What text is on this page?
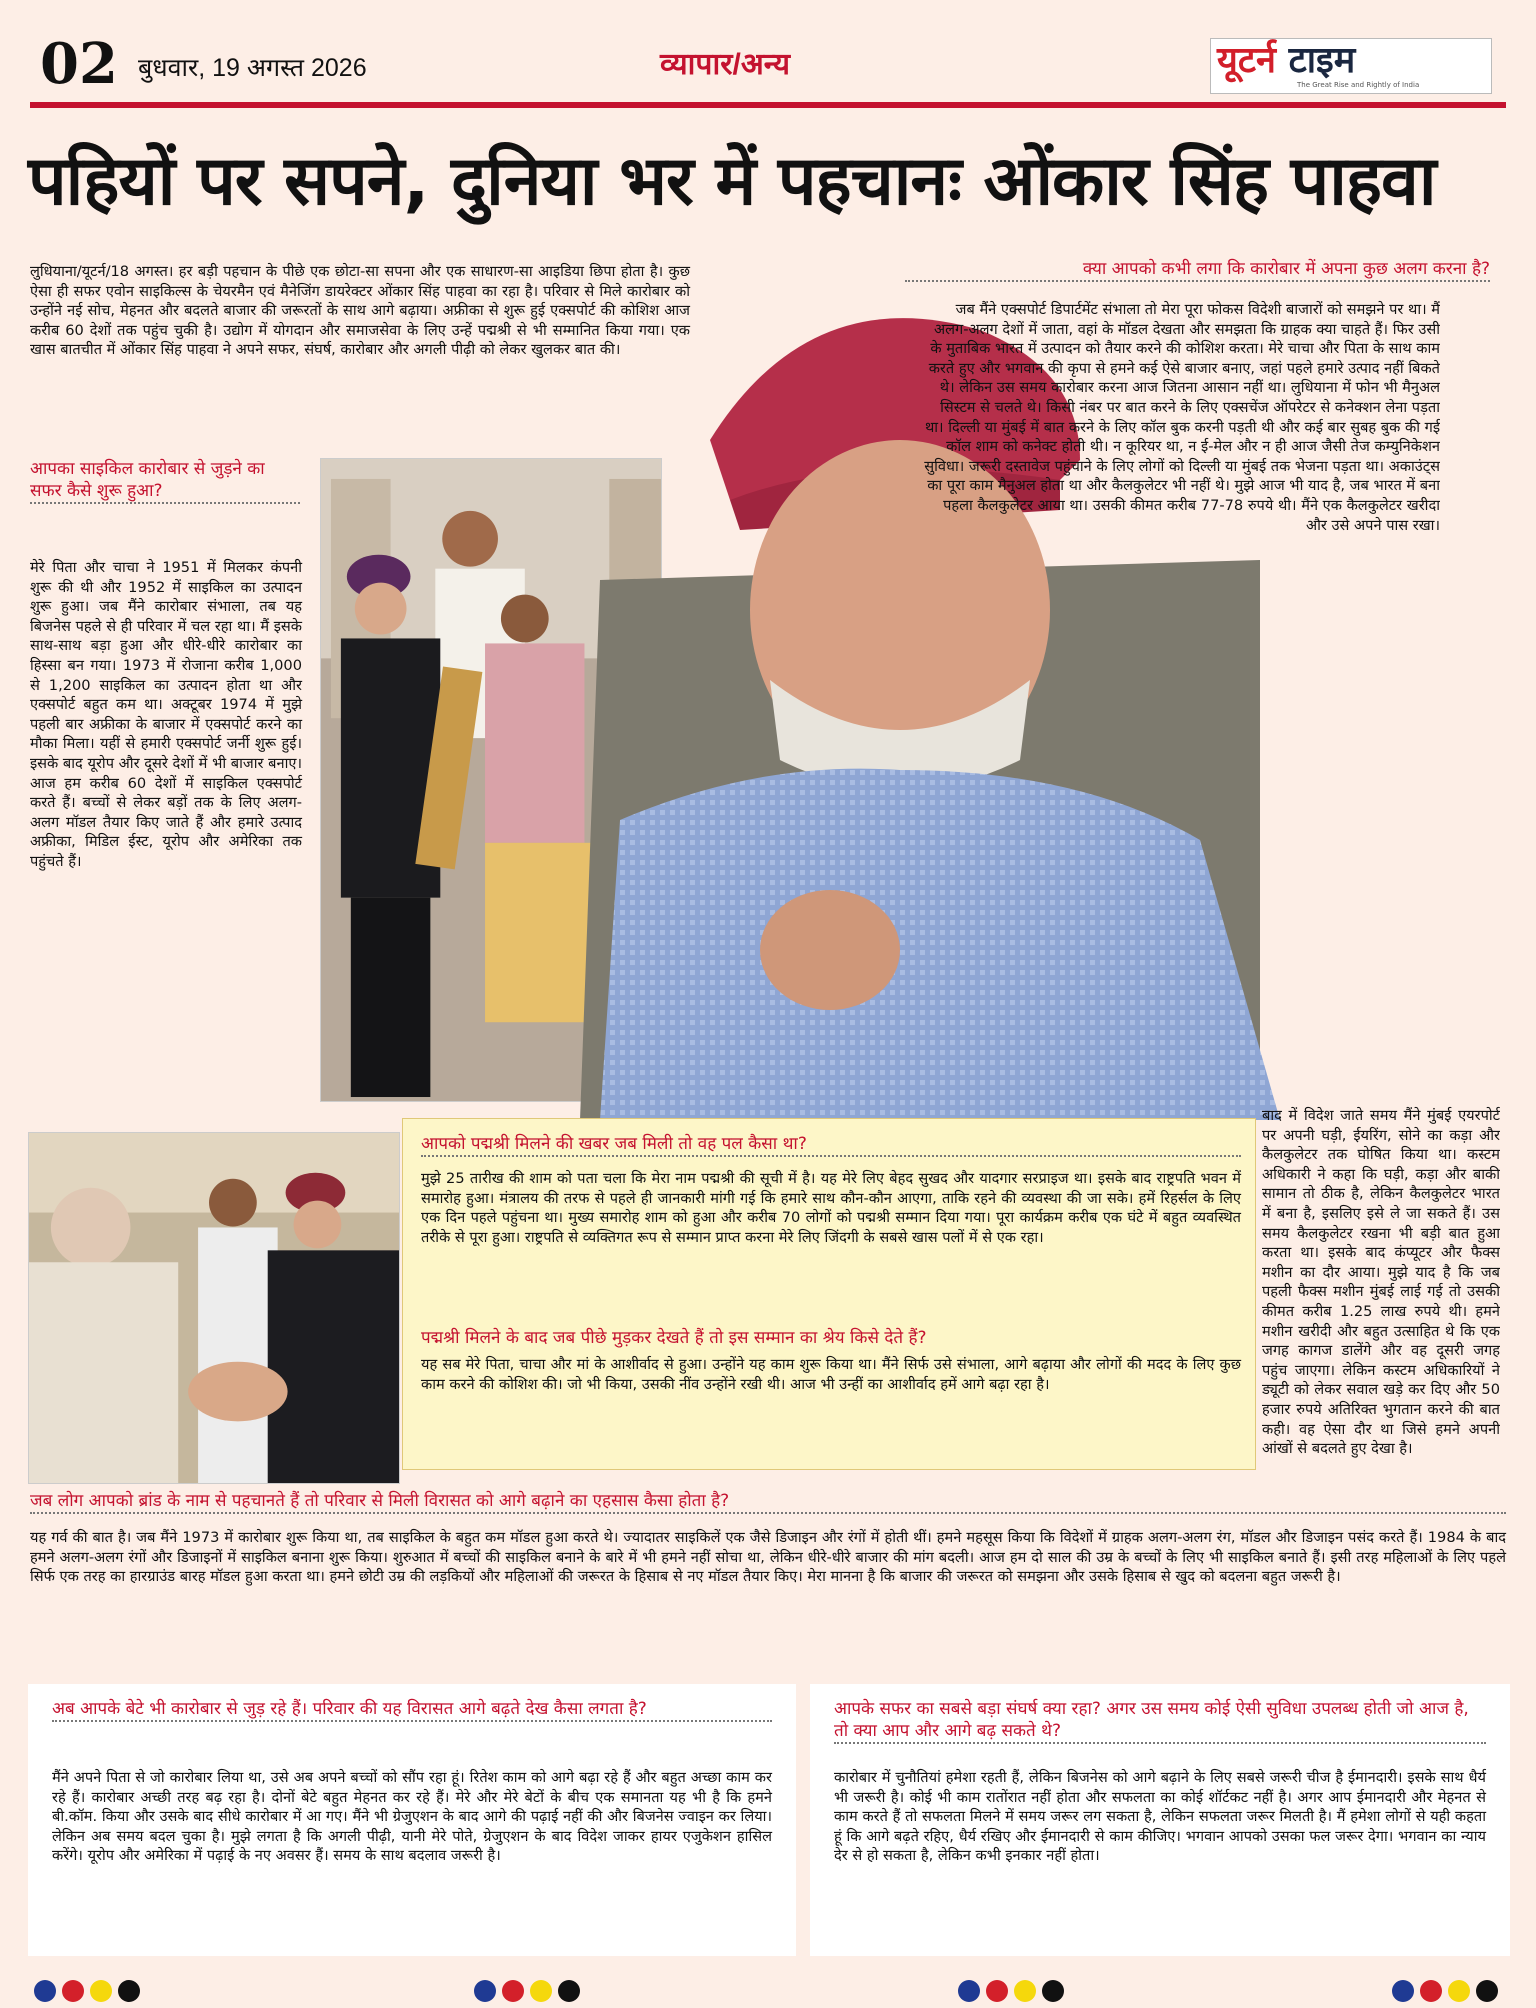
02 बुधवार, 19 अगस्त 2026	व्यापार/अन्य	यूटर्न टाइम
The Great Rise and Rightly of India
पहियों पर सपने, दुनिया भर में पहचानः ओंकार सिंह पाहवा
लुधियाना/यूटर्न/18 अगस्त। हर बड़ी पहचान के पीछे एक छोटा-सा सपना और एक साधारण-सा आइडिया छिपा होता है। कुछ ऐसा ही सफर एवोन साइकिल्स के चेयरमैन एवं मैनेजिंग डायरेक्टर ओंकार सिंह पाहवा का रहा है। परिवार से मिले कारोबार को उन्होंने नई सोच, मेहनत और बदलते बाजार की जरूरतों के साथ आगे बढ़ाया। अफ्रीका से शुरू हुई एक्सपोर्ट की कोशिश आज करीब 60 देशों तक पहुंच चुकी है। उद्योग में योगदान और समाजसेवा के लिए उन्हें पद्मश्री से भी सम्मानित किया गया। एक खास बातचीत में ओंकार सिंह पाहवा ने अपने सफर, संघर्ष, कारोबार और अगली पीढ़ी को लेकर खुलकर बात की।
आपका साइकिल कारोबार से जुड़ने का सफर कैसे शुरू हुआ?
मेरे पिता और चाचा ने 1951 में मिलकर कंपनी शुरू की थी और 1952 में साइकिल का उत्पादन शुरू हुआ। जब मैंने कारोबार संभाला, तब यह बिजनेस पहले से ही परिवार में चल रहा था। मैं इसके साथ-साथ बड़ा हुआ और धीरे-धीरे कारोबार का हिस्सा बन गया। 1973 में रोजाना करीब 1,000 से 1,200 साइकिल का उत्पादन होता था और एक्सपोर्ट बहुत कम था। अक्टूबर 1974 में मुझे पहली बार अफ्रीका के बाजार में एक्सपोर्ट करने का मौका मिला। यहीं से हमारी एक्सपोर्ट जर्नी शुरू हुई। इसके बाद यूरोप और दूसरे देशों में भी बाजार बनाए। आज हम करीब 60 देशों में साइकिल एक्सपोर्ट करते हैं। बच्चों से लेकर बड़ों तक के लिए अलग-अलग मॉडल तैयार किए जाते हैं और हमारे उत्पाद अफ्रीका, मिडिल ईस्ट, यूरोप और अमेरिका तक पहुंचते हैं।
क्या आपको कभी लगा कि कारोबार में अपना कुछ अलग करना है?
जब मैंने एक्सपोर्ट डिपार्टमेंट संभाला तो मेरा पूरा फोकस विदेशी बाजारों को समझने पर था। मैं अलग-अलग देशों में जाता, वहां के मॉडल देखता और समझता कि ग्राहक क्या चाहते हैं। फिर उसी के मुताबिक भारत में उत्पादन को तैयार करने की कोशिश करता। मेरे चाचा और पिता के साथ काम करते हुए और भगवान की कृपा से हमने कई ऐसे बाजार बनाए, जहां पहले हमारे उत्पाद नहीं बिकते थे। लेकिन उस समय कारोबार करना आज जितना आसान नहीं था। लुधियाना में फोन भी मैनुअल सिस्टम से चलते थे। किसी नंबर पर बात करने के लिए एक्सचेंज ऑपरेटर से कनेक्शन लेना पड़ता था। दिल्ली या मुंबई में बात करने के लिए कॉल बुक करनी पड़ती थी और कई बार सुबह बुक की गई कॉल शाम को कनेक्ट होती थी। न कूरियर था, न ई-मेल और न ही आज जैसी तेज कम्युनिकेशन सुविधा। जरूरी दस्तावेज पहुंचाने के लिए लोगों को दिल्ली या मुंबई तक भेजना पड़ता था। अकाउंट्स का पूरा काम मैनुअल होता था और कैलकुलेटर भी नहीं थे। मुझे आज भी याद है, जब भारत में बना पहला कैलकुलेटर आया था। उसकी कीमत करीब 77-78 रुपये थी। मैंने एक कैलकुलेटर खरीदा और उसे अपने पास रखा।
आपको पद्मश्री मिलने की खबर जब मिली तो वह पल कैसा था?
मुझे 25 तारीख की शाम को पता चला कि मेरा नाम पद्मश्री की सूची में है। यह मेरे लिए बेहद सुखद और यादगार सरप्राइज था। इसके बाद राष्ट्रपति भवन में समारोह हुआ। मंत्रालय की तरफ से पहले ही जानकारी मांगी गई कि हमारे साथ कौन-कौन आएगा, ताकि रहने की व्यवस्था की जा सके। हमें रिहर्सल के लिए एक दिन पहले पहुंचना था। मुख्य समारोह शाम को हुआ और करीब 70 लोगों को पद्मश्री सम्मान दिया गया। पूरा कार्यक्रम करीब एक घंटे में बहुत व्यवस्थित तरीके से पूरा हुआ। राष्ट्रपति से व्यक्तिगत रूप से सम्मान प्राप्त करना मेरे लिए जिंदगी के सबसे खास पलों में से एक रहा।
पद्मश्री मिलने के बाद जब पीछे मुड़कर देखते हैं तो इस सम्मान का श्रेय किसे देते हैं?
यह सब मेरे पिता, चाचा और मां के आशीर्वाद से हुआ। उन्होंने यह काम शुरू किया था। मैंने सिर्फ उसे संभाला, आगे बढ़ाया और लोगों की मदद के लिए कुछ काम करने की कोशिश की। जो भी किया, उसकी नींव उन्होंने रखी थी। आज भी उन्हीं का आशीर्वाद हमें आगे बढ़ा रहा है।
बाद में विदेश जाते समय मैंने मुंबई एयरपोर्ट पर अपनी घड़ी, ईयरिंग, सोने का कड़ा और कैलकुलेटर तक घोषित किया था। कस्टम अधिकारी ने कहा कि घड़ी, कड़ा और बाकी सामान तो ठीक है, लेकिन कैलकुलेटर भारत में बना है, इसलिए इसे ले जा सकते हैं। उस समय कैलकुलेटर रखना भी बड़ी बात हुआ करता था। इसके बाद कंप्यूटर और फैक्स मशीन का दौर आया। मुझे याद है कि जब पहली फैक्स मशीन मुंबई लाई गई तो उसकी कीमत करीब 1.25 लाख रुपये थी। हमने मशीन खरीदी और बहुत उत्साहित थे कि एक जगह कागज डालेंगे और वह दूसरी जगह पहुंच जाएगा। लेकिन कस्टम अधिकारियों ने ड्यूटी को लेकर सवाल खड़े कर दिए और 50 हजार रुपये अतिरिक्त भुगतान करने की बात कही। वह ऐसा दौर था जिसे हमने अपनी आंखों से बदलते हुए देखा है।
जब लोग आपको ब्रांड के नाम से पहचानते हैं तो परिवार से मिली विरासत को आगे बढ़ाने का एहसास कैसा होता है?
यह गर्व की बात है। जब मैंने 1973 में कारोबार शुरू किया था, तब साइकिल के बहुत कम मॉडल हुआ करते थे। ज्यादातर साइकिलें एक जैसे डिजाइन और रंगों में होती थीं। हमने महसूस किया कि विदेशों में ग्राहक अलग-अलग रंग, मॉडल और डिजाइन पसंद करते हैं। 1984 के बाद हमने अलग-अलग रंगों और डिजाइनों में साइकिल बनाना शुरू किया। शुरुआत में बच्चों की साइकिल बनाने के बारे में भी हमने नहीं सोचा था, लेकिन धीरे-धीरे बाजार की मांग बदली। आज हम दो साल की उम्र के बच्चों के लिए भी साइकिल बनाते हैं। इसी तरह महिलाओं के लिए पहले सिर्फ एक तरह का हारग्राउंड बारह मॉडल हुआ करता था। हमने छोटी उम्र की लड़कियों और महिलाओं की जरूरत के हिसाब से नए मॉडल तैयार किए। मेरा मानना है कि बाजार की जरूरत को समझना और उसके हिसाब से खुद को बदलना बहुत जरूरी है।
अब आपके बेटे भी कारोबार से जुड़ रहे हैं। परिवार की यह विरासत आगे बढ़ते देख कैसा लगता है?
मैंने अपने पिता से जो कारोबार लिया था, उसे अब अपने बच्चों को सौंप रहा हूं। रितेश काम को आगे बढ़ा रहे हैं और बहुत अच्छा काम कर रहे हैं। कारोबार अच्छी तरह बढ़ रहा है। दोनों बेटे बहुत मेहनत कर रहे हैं। मेरे और मेरे बेटों के बीच एक समानता यह भी है कि हमने बी.कॉम. किया और उसके बाद सीधे कारोबार में आ गए। मैंने भी ग्रेजुएशन के बाद आगे की पढ़ाई नहीं की और बिजनेस ज्वाइन कर लिया। लेकिन अब समय बदल चुका है। मुझे लगता है कि अगली पीढ़ी, यानी मेरे पोते, ग्रेजुएशन के बाद विदेश जाकर हायर एजुकेशन हासिल करेंगे। यूरोप और अमेरिका में पढ़ाई के नए अवसर हैं। समय के साथ बदलाव जरूरी है।
आपके सफर का सबसे बड़ा संघर्ष क्या रहा? अगर उस समय कोई ऐसी सुविधा उपलब्ध होती जो आज है, तो क्या आप और आगे बढ़ सकते थे?
कारोबार में चुनौतियां हमेशा रहती हैं, लेकिन बिजनेस को आगे बढ़ाने के लिए सबसे जरूरी चीज है ईमानदारी। इसके साथ धैर्य भी जरूरी है। कोई भी काम रातोंरात नहीं होता और सफलता का कोई शॉर्टकट नहीं है। अगर आप ईमानदारी और मेहनत से काम करते हैं तो सफलता मिलने में समय जरूर लग सकता है, लेकिन सफलता जरूर मिलती है। मैं हमेशा लोगों से यही कहता हूं कि आगे बढ़ते रहिए, धैर्य रखिए और ईमानदारी से काम कीजिए। भगवान आपको उसका फल जरूर देगा। भगवान का न्याय देर से हो सकता है, लेकिन कभी इनकार नहीं होता।
